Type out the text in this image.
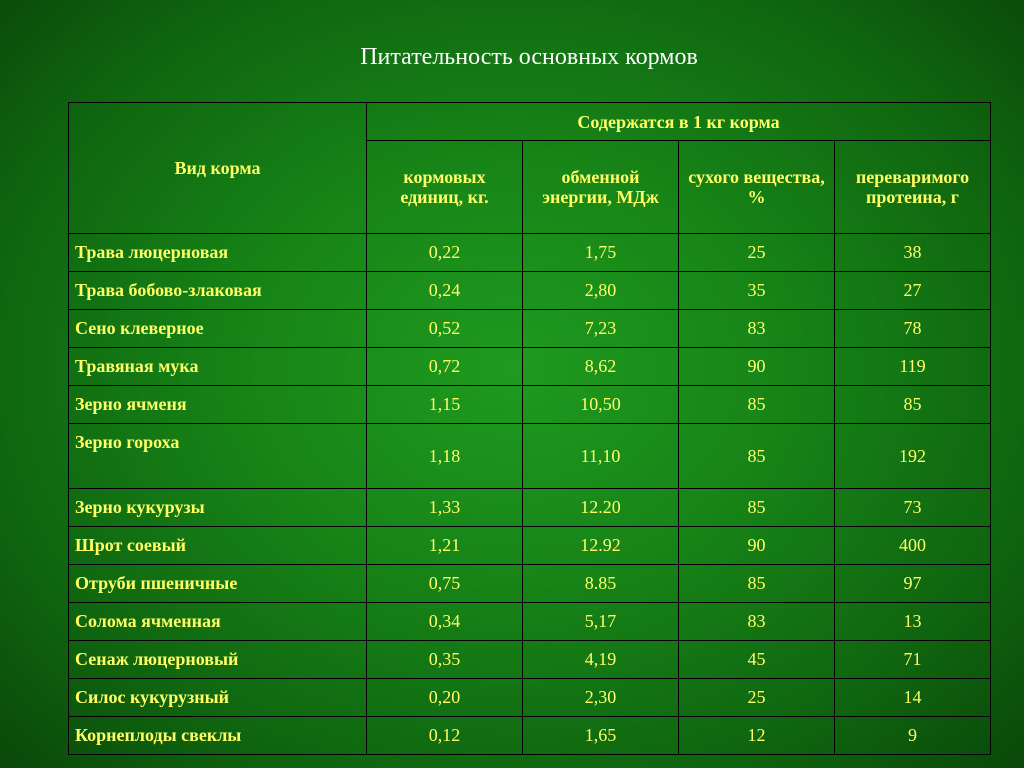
Питательность основных кормов
Вид корма	Содержатся в 1 кг корма			
	кормовых единиц, кг.	обменной энергии, МДж	сухого вещества, %	переваримого протеина, г
Трава люцерновая	0,22	1,75	25	38
Трава бобово-злаковая	0,24	2,80	35	27
Сено клеверное	0,52	7,23	83	78
Травяная мука	0,72	8,62	90	119
Зерно ячменя	1,15	10,50	85	85
Зерно гороха	1,18	11,10	85	192
Зерно кукурузы	1,33	12.20	85	73
Шрот соевый	1,21	12.92	90	400
Отруби пшеничные	0,75	8.85	85	97
Солома ячменная	0,34	5,17	83	13
Сенаж люцерновый	0,35	4,19	45	71
Силос кукурузный	0,20	2,30	25	14
Корнеплоды свеклы	0,12	1,65	12	9
